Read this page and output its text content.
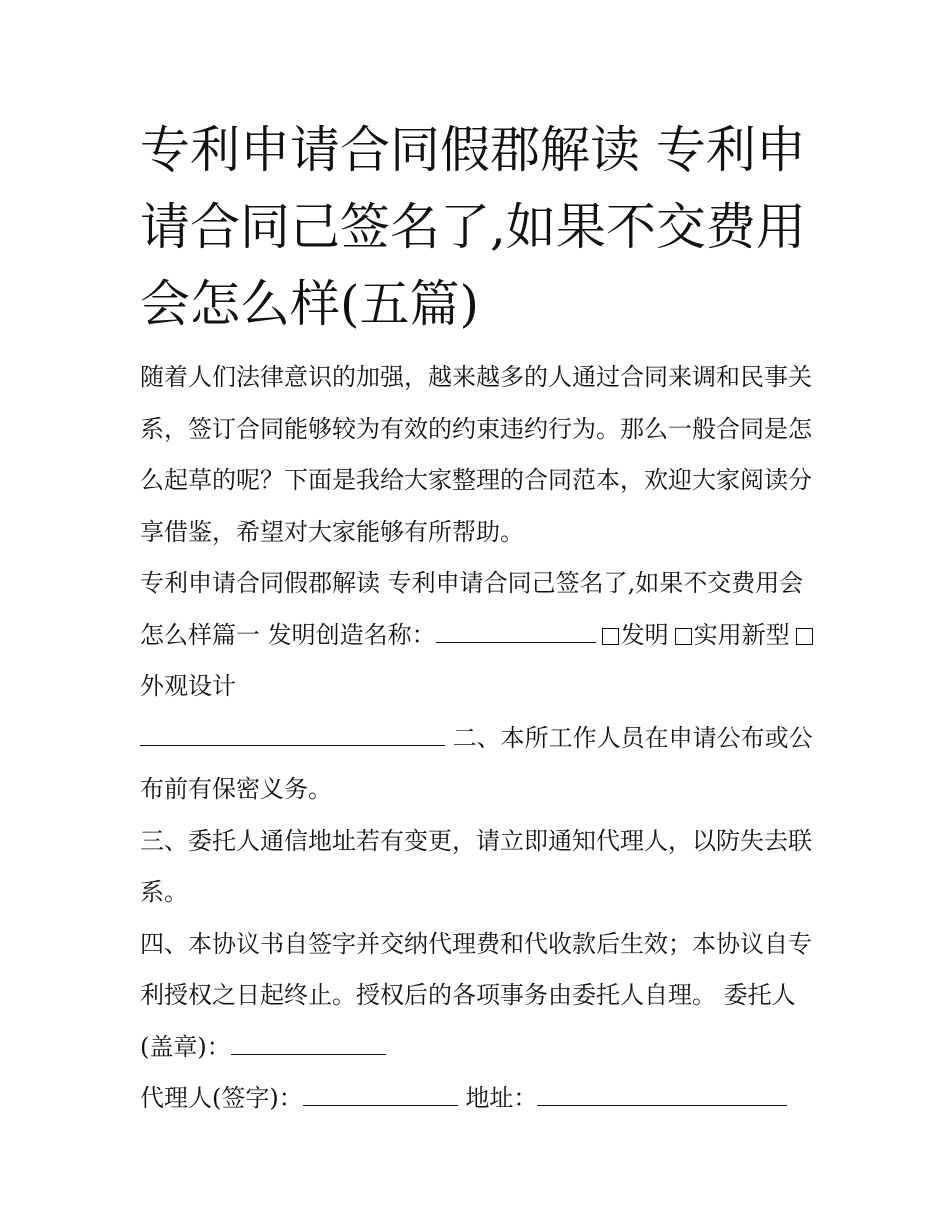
专利申请合同假郡解读 专利申请合同己签名了,如果不交费用会怎么样(五篇)

随着人们法律意识的加强，越来越多的人通过合同来调和民事关系，签订合同能够较为有效的约束违约行为。那么一般合同是怎么起草的呢？下面是我给大家整理的合同范本，欢迎大家阅读分享借鉴，希望对大家能够有所帮助。

专利申请合同假郡解读 专利申请合同己签名了,如果不交费用会怎么样篇一 发明创造名称：	发明 实用新型外观设计

二、本所工作人员在申请公布或公布前有保密义务。

三、委托人通信地址若有变更，请立即通知代理人，以防失去联系。

四、本协议书自签字并交纳代理费和代收款后生效；本协议自专利授权之日起终止。授权后的各项事务由委托人自理。 委托人(盖章)：

代理人(签字)：	地址：
